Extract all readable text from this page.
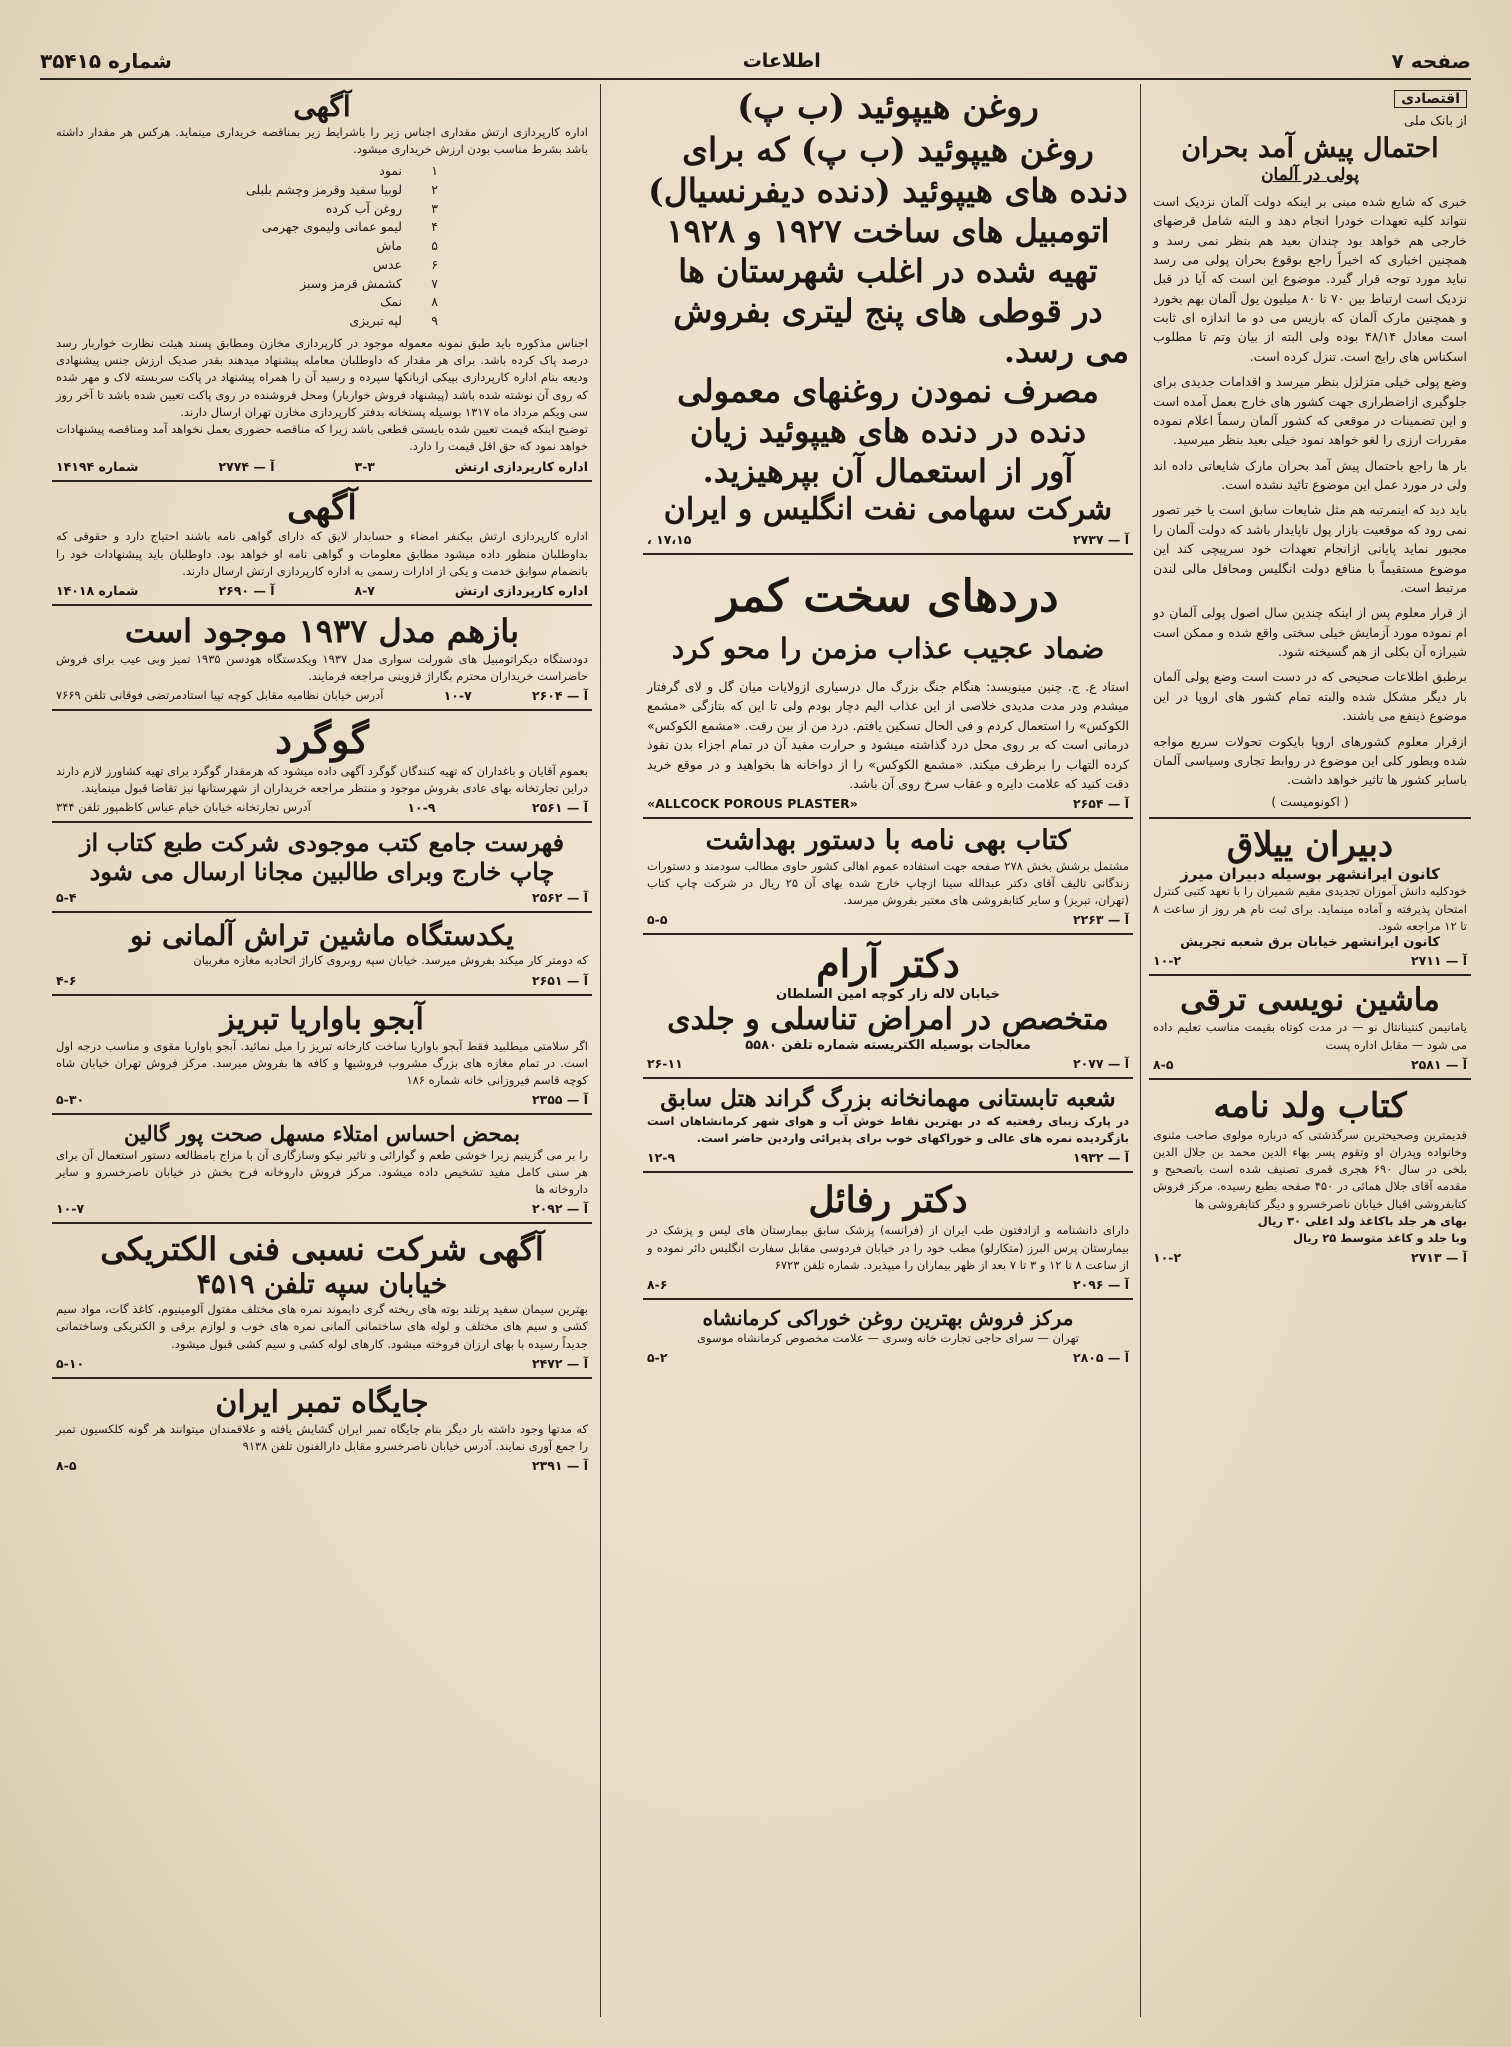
صفحه ۷
اطلاعات
شماره ۳۵۴۱۵
اقتصادی
از بانک ملی
احتمال پیش آمد بحران
پولی در آلمان

خبری که شایع شده مبنی بر اینکه دولت آلمان نزدیک است نتواند کلیه تعهدات خودرا انجام دهد و البته شامل قرضهای خارجی هم خواهد بود چندان بعید هم بنظر نمی رسد و همچنین اخباری که اخیراً راجع بوقوع بحران پولی می رسد نباید مورد توجه قرار گیرد. موضوع این است که آیا در قبل نزدیک است ارتباط بین ۷۰ تا ۸۰ میلیون یول آلمان بهم بخورد و همچنین مارک آلمان که بازیس می دو ما اندازه ای ثابت است معادل ۴۸/۱۴ بوده ولی البته از بیان وتم تا مطلوب اسکناس های رایج است. تنزل کرده است.

وضع پولی خیلی متزلزل بنظر میرسد و اقدامات جدیدی برای جلوگیری ازاضطراری جهت کشور های خارج بعمل آمده است و این تضمینات در موقعی که کشور آلمان رسماً اعلام نموده مقررات ارزی را لغو خواهد نمود خیلی بعید بنظر میرسید.

بار ها راجع باحتمال پیش آمد بحران مارک شایعاتی داده اند ولی در مورد عمل این موضوع تائید نشده است.

باید دید که اینمرتبه هم مثل شایعات سابق است یا خیر تصور نمی رود که موقعیت بازار پول ناپایدار باشد که دولت آلمان را مجبور نماید پایانی ازانجام تعهدات خود سرپیچی کند این موضوع مستقیماً با منافع دولت انگلیس ومحافل مالی لندن مرتبط است.

از قرار معلوم پس از اینکه چندین سال اصول پولی آلمان دو ام نموده مورد آزمایش خیلی سختی واقع شده و ممکن است شیرازه آن بکلی از هم گسیخته شود.

برطبق اطلاعات صحیحی که در دست است وضع پولی آلمان بار دیگر مشکل شده والبته تمام کشور های اروپا در این موضوع ذینفع می باشند.

ازقرار معلوم کشورهای اروپا بایکوت تحولات سریع مواجه شده وبطور کلی این موضوع در روابط تجاری وسیاسی آلمان باسایر کشور ها تاثیر خواهد داشت.

( اکونومیست )
دبیران ییلاق
کانون ایرانشهر بوسیله دبیران میرز
خودکلیه دانش آموزان تجدیدی مقیم شمیران را با تعهد کتبی کنترل امتحان پذیرفته و آماده مینماید. برای ثبت نام هر روز از ساعت ۸ تا ۱۲ مراجعه شود.
کانون ایرانشهر خیابان برق شعبه تجریش
آ — ۲۷۱۱
۱۰-۲
ماشین نویسی ترقی
یامانیمن کنتینانتال نو — در مدت کوتاه بقیمت مناسب تعلیم داده می شود — مقابل اداره پست
آ — ۲۵۸۱
۸-۵
کتاب ولد نامه
قدیمترین وصحیحترین سرگذشتی که درباره مولوی صاحب مثنوی وخانواده وپدران او وتقوم پسر بهاء الدین محمد بن جلال الدین بلخی در سال ۶۹۰ هجری قمری تصنیف شده است باتصحیح و مقدمه آقای جلال همائی در ۴۵۰ صفحه بطبع رسیده. مرکز فروش کتابفروشی اقبال خیابان ناصرخسرو و دیگر کتابفروشی ها
بهای هر جلد باکاغذ ولد اعلی ۳۰ ریال
وبا جلد و کاغذ متوسط ۲۵ ریال
آ — ۲۷۱۳
۱۰-۲
روغن هیپوئید (ب پ)
روغن هیپوئید (ب پ) که برای
دنده های هیپوئید (دنده دیفرنسیال)
اتومبیل های ساخت ۱۹۲۷ و ۱۹۲۸
تهیه شده در اغلب شهرستان ها
در قوطی های پنج لیتری بفروش
می رسد.
مصرف نمودن روغنهای معمولی
دنده در دنده های هیپوئید زیان
آور از استعمال آن بپرهیزید.
شرکت سهامی نفت انگلیس و ایران
آ — ۲۷۳۷
۱۷،۱۵ ،
دردهای سخت کمر
ضماد عجیب عذاب مزمن را محو کرد
استاد ع. ج. چنین مینویسد: هنگام جنگ بزرگ مال درسیاری ازولایات میان گل و لای گرفتار میشدم ودر مدت مدیدی خلاصی از این عذاب الیم دچار بودم ولی تا این که بتازگی «مشمع الکوکس» را استعمال کردم و فی الحال تسکین یافتم. درد من از بین رفت. «مشمع الکوکس» درمانی است که بر روی محل درد گذاشته میشود و حرارت مفید آن در تمام اجزاء بدن نفوذ کرده التهاب را برطرف میکند. «مشمع الکوکس» را از دواخانه ها بخواهید و در موقع خرید دقت کنید که علامت دایره و عقاب سرخ روی آن باشد.
آ — ۲۶۵۴
«ALLCOCK POROUS PLASTER»
کتاب بهی نامه با دستور بهداشت
مشتمل برشش بخش ۲۷۸ صفحه جهت استفاده عموم اهالی کشور حاوی مطالب سودمند و دستورات زندگانی تالیف آقای دکتر عبدالله سینا ازچاپ خارج شده بهای آن ۲۵ ریال در شرکت چاپ کتاب (تهران، تبریز) و سایر کتابفروشی های معتبر بفروش میرسد.
آ — ۲۲۶۳
۵-۵
دکتر آرام
خیابان لاله زار کوچه امین السلطان
متخصص در امراض تناسلی و جلدی
معالجات بوسیله الکتریسته شماره تلفن ۵۵۸۰
آ — ۲۰۷۷
۲۶-۱۱
شعبه تابستانی مهمانخانه بزرگ گراند هتل سابق
در پارک زیبای رفعتیه که در بهترین نقاط خوش آب و هوای شهر کرمانشاهان است بازگردیده نمره های عالی و خوراکهای خوب برای پذیرائی واردین حاضر است.
آ — ۱۹۳۲
۱۲-۹
دکتر رفائل
دارای دانشنامه و ازادفتون طب ایران از (فرانسه) پزشک سابق بیمارستان های لیس و پزشک در بیمارستان پرس البرز (متکارلو) مطب خود را در خیابان فردوسی مقابل سفارت انگلیس دائر نموده و از ساعت ۸ تا ۱۲ و ۳ تا ۷ بعد از ظهر بیماران را میپذیرد. شماره تلفن ۶۷۲۳
آ — ۲۰۹۶
۸-۶
مرکز فروش بهترین روغن خوراکی کرمانشاه
تهران — سرای حاجی تجارت خانه وسری — علامت مخصوص کرمانشاه موسوی
آ — ۲۸۰۵
۵-۲
آگهی
اداره کارپردازی ارتش مقداری اجناس زیر را باشرایط زیر بمناقصه خریداری مینماید. هرکس هر مقدار داشته باشد بشرط مناسب بودن ارزش خریداری میشود.
۱
نمود
۲
لوبیا سفید وقرمز وچشم بلبلی
۳
روغن آب کرده
۴
لیمو عمانی ولیموی جهرمی
۵
ماش
۶
عدس
۷
کشمش قرمز وسبز
۸
نمک
۹
لپه تبریزی
اجناس مذکوره باید طبق نمونه معموله موجود در کارپردازی مخازن ومطابق پسند هیئت نظارت خواربار رسد درصد پاک کرده باشد. برای هر مقدار که داوطلبان معامله پیشنهاد میدهند بقدر صدیک ارزش جنس پیشنهادی ودیعه بنام اداره کارپردازی بپیکی ازبانکها سپرده و رسید آن را همراه پیشنهاد در پاکت سربسته لاک و مهر شده که روی آن نوشته شده باشد (پیشنهاد فروش خواربار) ومحل فروشنده در روی پاکت تعیین شده باشد تا آخر روز سی ویکم مرداد ماه ۱۳۱۷ بوسیله پستخانه بدفتر کارپردازی مخازن تهران ارسال دارند.
توضیح اینکه قیمت تعیین شده بایستی قطعی باشد زیرا که مناقصه حضوری بعمل نخواهد آمد ومناقصه پیشنهادات خواهد نمود که حق اقل قیمت را دارد.
اداره کارپردازی ارتش
۳-۳
آ — ۲۷۷۴
شماره ۱۴۱۹۴
آگهی
اداره کارپردازی ارتش بیکنفر امضاء و حسابدار لایق که دارای گواهی نامه باشند احتیاج دارد و حقوقی که بداوطلبان منظور داده میشود مطابق معلومات و گواهی نامه او خواهد بود. داوطلبان باید پیشنهادات خود را بانضمام سوابق خدمت و یکی از ادارات رسمی به اداره کارپردازی ارتش ارسال دارند.
اداره کارپردازی ارتش
۸-۷
آ — ۲۶۹۰
شماره ۱۴۰۱۸
بازهم مدل ۱۹۳۷ موجود است
دودستگاه دیکراتومبیل های شورلت سواری مدل ۱۹۳۷ ویکدستگاه هودسن ۱۹۳۵ تمیز وبی عیب برای فروش حاضراست خریداران محترم بگاراژ قزوینی مراجعه فرمایند.
آ — ۲۶۰۴
۱۰-۷
آدرس خیابان نظامیه مقابل کوچه تپیا استادمرتضی فوقانی تلفن ۷۶۶۹
گوگرد
بعموم آقایان و باغداران که تهیه کنندگان گوگرد آگهی داده میشود که هرمقدار گوگرد برای تهیه کشاورز لازم دارند دراین تجارتخانه بهای عادی بفروش موجود و منتظر مراجعه خریداران از شهرستانها نیز تقاضا قبول مینمایند.
آ — ۲۵۶۱
۱۰-۹
آدرس تجارتخانه خیابان خیام عباس کاظمپور تلفن ۳۴۴
فهرست جامع کتب موجودی شرکت طبع کتاب از
چاپ خارج وبرای طالبین مجانا ارسال می شود
آ — ۲۵۶۲
۵-۴
یکدستگاه ماشین تراش آلمانی نو
که دومتر کار میکند بفروش میرسد. خیابان سپه روبروی کاراژ اتحادیه مغازه مغربیان
آ — ۲۶۵۱
۴-۶
آبجو باواریا تبریز
اگر سلامتی میطلبید فقط آبجو باواریا ساخت کارخانه تبریز را میل نمائید. آبجو باواریا مقوی و مناسب درجه اول است. در تمام مغازه های بزرگ مشروب فروشیها و کافه ها بفروش میرسد. مرکز فروش تهران خیابان شاه کوچه قاسم فیروزانی خانه شماره ۱۸۶
آ — ۲۳۵۵
۵-۳۰
بمحض احساس امتلاء مسهل صحت پور گالین
را بر می گزینیم زیرا خوشی طعم و گوارائی و تاثیر نیکو وسازگاری آن با مزاج بامطالعه دستور استعمال آن برای هر سنی کامل مفید تشخیص داده میشود. مرکز فروش داروخانه فرح بخش در خیابان ناصرخسرو و سایر داروخانه ها
آ — ۲۰۹۲
۱۰-۷
آگهی شرکت نسبی فنی الکتریکی
خیابان سپه تلفن ۴۵۱۹
بهترین سیمان سفید پرتلند بوته های ریخته گری دایموند نمره های مختلف مفتول آلومینیوم، کاغذ گات، مواد سیم کشی و سیم های مختلف و لوله های ساختمانی آلمانی نمره های خوب و لوازم برقی و الکتریکی وساختمانی جدیداً رسیده با بهای ارزان فروخته میشود. کارهای لوله کشی و سیم کشی قبول میشود.
آ — ۲۴۷۲
۵-۱۰
جایگاه تمبر ایران
که مدتها وجود داشته بار دیگر بنام جایگاه تمبر ایران گشایش یافته و علاقمندان میتوانند هر گونه کلکسیون تمبر را جمع آوری نمایند. آدرس خیابان ناصرخسرو مقابل دارالفنون تلفن ۹۱۳۸
آ — ۲۳۹۱
۸-۵
